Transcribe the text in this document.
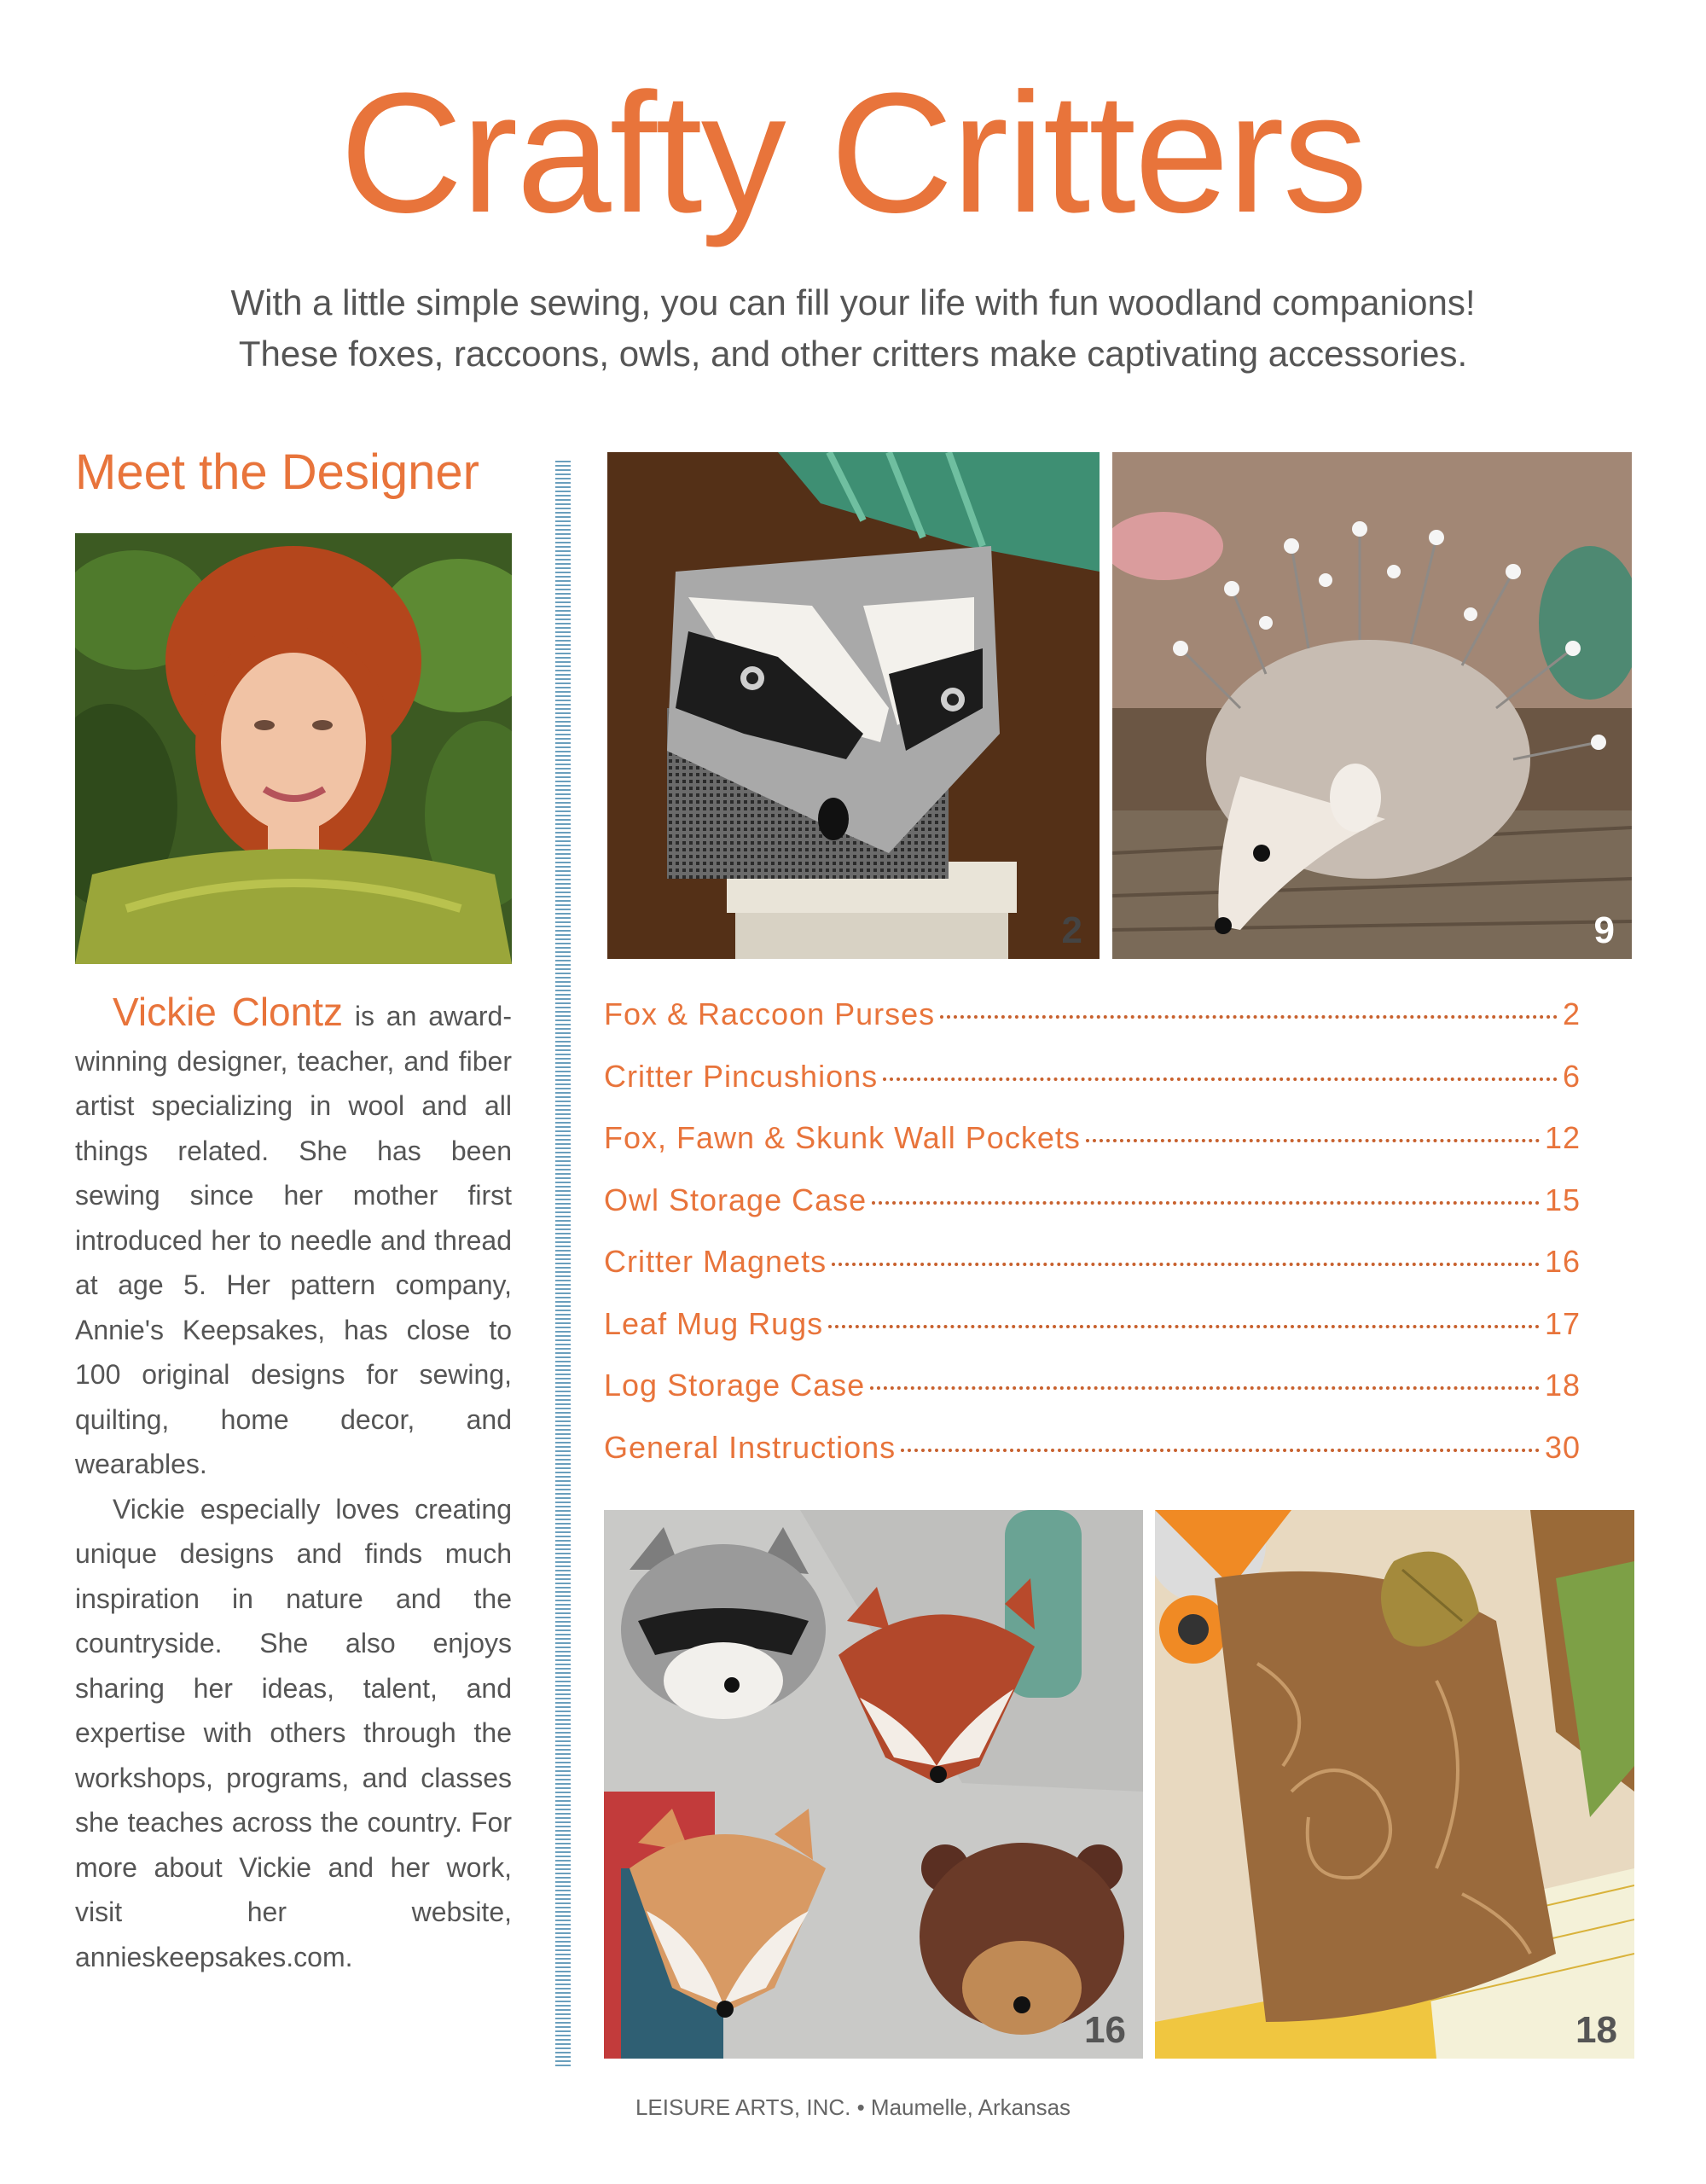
Crafty Critters

With a little simple sewing, you can fill your life with fun woodland companions!

These foxes, raccoons, owls, and other critters make captivating accessories.

Meet the Designer

Vickie Clontz is an award-winning designer, teacher, and fiber artist specializing in wool and all things related. She has been sewing since her mother first introduced her to needle and thread at age 5. Her pattern company, Annie's Keepsakes, has close to 100 original designs for sewing, quilting, home decor, and wearables.

Vickie especially loves creating unique designs and finds much inspiration in nature and the countryside. She also enjoys sharing her ideas, talent, and expertise with others through the workshops, programs, and classes she teaches across the country. For more about Vickie and her work, visit her website, annieskeepsakes.com.

2	9
16	18
Fox & Raccoon Purses	2
Critter Pincushions	6
Fox, Fawn & Skunk Wall Pockets	12
Owl Storage Case	15
Critter Magnets	16
Leaf Mug Rugs	17
Log Storage Case	18
General Instructions	30
LEISURE ARTS, INC. • Maumelle, Arkansas
